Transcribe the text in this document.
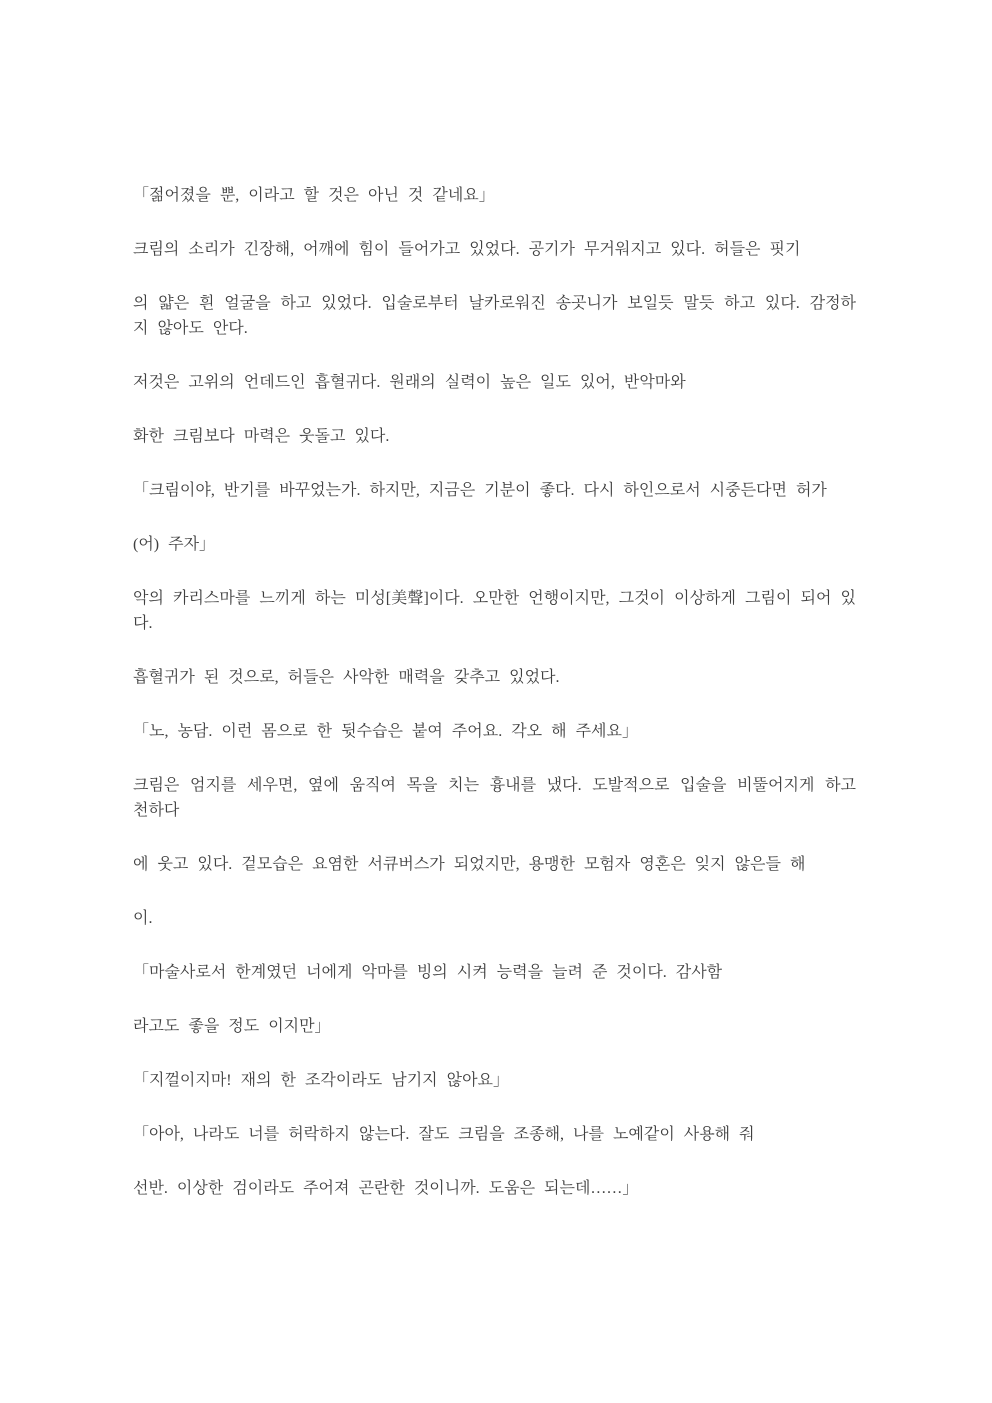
「젊어졌을 뿐, 이라고 할 것은 아닌 것 같네요」

크림의 소리가 긴장해, 어깨에 힘이 들어가고 있었다. 공기가 무거워지고 있다. 허들은 핏기

의 얇은 흰 얼굴을 하고 있었다. 입술로부터 날카로워진 송곳니가 보일듯 말듯 하고 있다. 감정하지 않아도 안다.

저것은 고위의 언데드인 흡혈귀다. 원래의 실력이 높은 일도 있어, 반악마와

화한 크림보다 마력은 웃돌고 있다.

「크림이야, 반기를 바꾸었는가. 하지만, 지금은 기분이 좋다. 다시 하인으로서 시중든다면 허가

(어) 주자」

악의 카리스마를 느끼게 하는 미성[美聲]이다. 오만한 언행이지만, 그것이 이상하게 그림이 되어 있다.

흡혈귀가 된 것으로, 허들은 사악한 매력을 갖추고 있었다.

「노, 농담. 이런 몸으로 한 뒷수습은 붙여 주어요. 각오 해 주세요」

크림은 엄지를 세우면, 옆에 움직여 목을 치는 흉내를 냈다. 도발적으로 입술을 비뚤어지게 하고 천하다

에 웃고 있다. 겉모습은 요염한 서큐버스가 되었지만, 용맹한 모험자 영혼은 잊지 않은들 해

이.

「마술사로서 한계였던 너에게 악마를 빙의 시켜 능력을 늘려 준 것이다. 감사함

라고도 좋을 정도 이지만」

「지껄이지마! 재의 한 조각이라도 남기지 않아요」

「아아, 나라도 너를 허락하지 않는다. 잘도 크림을 조종해, 나를 노예같이 사용해 줘

선반. 이상한 검이라도 주어져 곤란한 것이니까. 도움은 되는데……」
